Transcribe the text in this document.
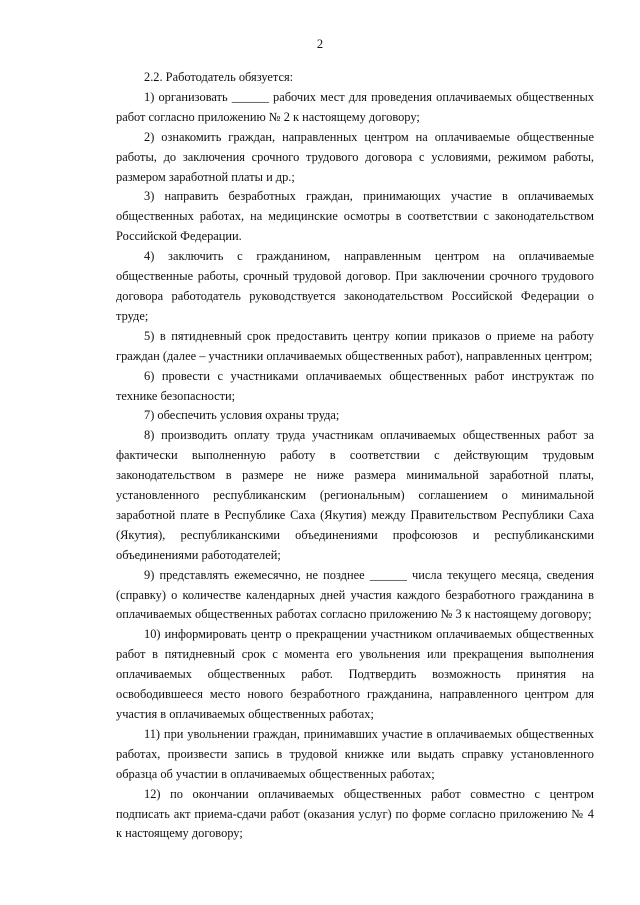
2

2.2. Работодатель обязуется:

1) организовать ______ рабочих мест для проведения оплачиваемых общественных работ согласно приложению № 2 к настоящему договору;

2) ознакомить граждан, направленных центром на оплачиваемые общественные работы, до заключения срочного трудового договора с условиями, режимом работы, размером заработной платы и др.;

3) направить безработных граждан, принимающих участие в оплачиваемых общественных работах, на медицинские осмотры в соответствии с законодательством Российской Федерации.

4) заключить с гражданином, направленным центром на оплачиваемые общественные работы, срочный трудовой договор. При заключении срочного трудового договора работодатель руководствуется законодательством Российской Федерации о труде;

5) в пятидневный срок предоставить центру копии приказов о приеме на работу граждан (далее – участники оплачиваемых общественных работ), направленных центром;

6) провести с участниками оплачиваемых общественных работ инструктаж по технике безопасности;

7) обеспечить условия охраны труда;

8) производить оплату труда участникам оплачиваемых общественных работ за фактически выполненную работу в соответствии с действующим трудовым законодательством в размере не ниже размера минимальной заработной платы, установленного республиканским (региональным) соглашением о минимальной заработной плате в Республике Саха (Якутия) между Правительством Республики Саха (Якутия), республиканскими объединениями профсоюзов и республиканскими объединениями работодателей;

9) представлять ежемесячно, не позднее ______ числа текущего месяца, сведения (справку) о количестве календарных дней участия каждого безработного гражданина в оплачиваемых общественных работах согласно приложению № 3 к настоящему договору;

10) информировать центр о прекращении участником оплачиваемых общественных работ в пятидневный срок с момента его увольнения или прекращения выполнения оплачиваемых общественных работ. Подтвердить возможность принятия на освободившееся место нового безработного гражданина, направленного центром для участия в оплачиваемых общественных работах;

11) при увольнении граждан, принимавших участие в оплачиваемых общественных работах, произвести запись в трудовой книжке или выдать справку установленного образца об участии в оплачиваемых общественных работах;

12) по окончании оплачиваемых общественных работ совместно с центром подписать акт приема-сдачи работ (оказания услуг) по форме согласно приложению № 4 к настоящему договору;
